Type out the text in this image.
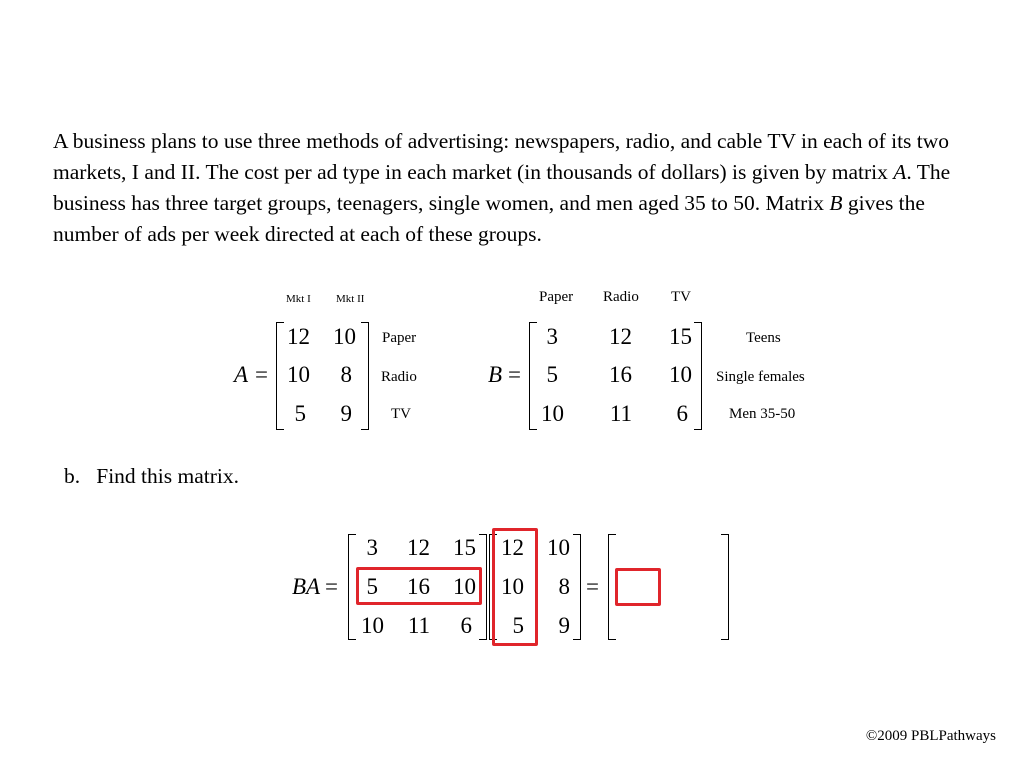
A business plans to use three methods of advertising: newspapers, radio, and cable TV in each of its two markets, I and II. The cost per ad type in each market (in thousands of dollars) is given by matrix A. The business has three target groups, teenagers, single women, and men aged 35 to 50. Matrix B gives the number of ads per week directed at each of these groups.
Mkt I Mkt II
A =
12	10
10	8
5	9
Paper
Radio
TV
Paper Radio TV
B =
3	12	15
5	16	10
10	11	6
Teens
Single females
Men 35-50
b. Find this matrix.
BA =
3	12	15
5	16	10
10	11	6
12	10
10	8
5	9
=
©2009 PBLPathways
